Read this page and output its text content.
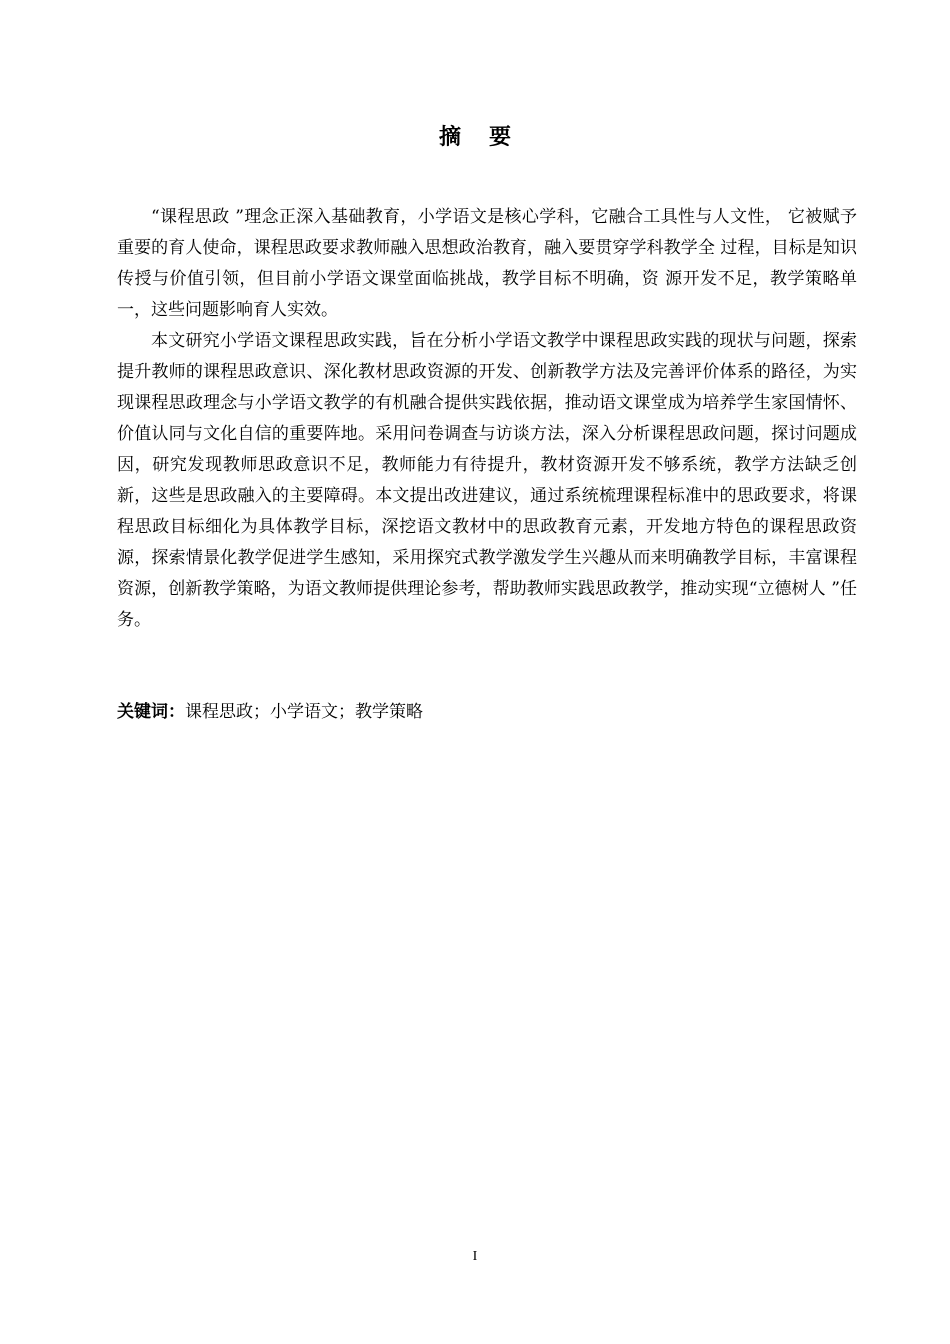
摘要

“课程思政 ”理念正深入基础教育，小学语文是核心学科，它融合工具性与人文性， 它被赋予重要的育人使命，课程思政要求教师融入思想政治教育，融入要贯穿学科教学全 过程，目标是知识传授与价值引领，但目前小学语文课堂面临挑战，教学目标不明确，资 源开发不足，教学策略单一，这些问题影响育人实效。

本文研究小学语文课程思政实践，旨在分析小学语文教学中课程思政实践的现状与问题，探索提升教师的课程思政意识、深化教材思政资源的开发、创新教学方法及完善评价体系的路径，为实现课程思政理念与小学语文教学的有机融合提供实践依据，推动语文课堂成为培养学生家国情怀、价值认同与文化自信的重要阵地。采用问卷调查与访谈方法，深入分析课程思政问题，探讨问题成因，研究发现教师思政意识不足，教师能力有待提升，教材资源开发不够系统，教学方法缺乏创新，这些是思政融入的主要障碍。本文提出改进建议，通过系统梳理课程标准中的思政要求，将课程思政目标细化为具体教学目标，深挖语文教材中的思政教育元素，开发地方特色的课程思政资源，探索情景化教学促进学生感知，采用探究式教学激发学生兴趣从而来明确教学目标，丰富课程资源，创新教学策略，为语文教师提供理论参考，帮助教师实践思政教学，推动实现“立德树人 ”任务。

关键词：课程思政；小学语文；教学策略
I
